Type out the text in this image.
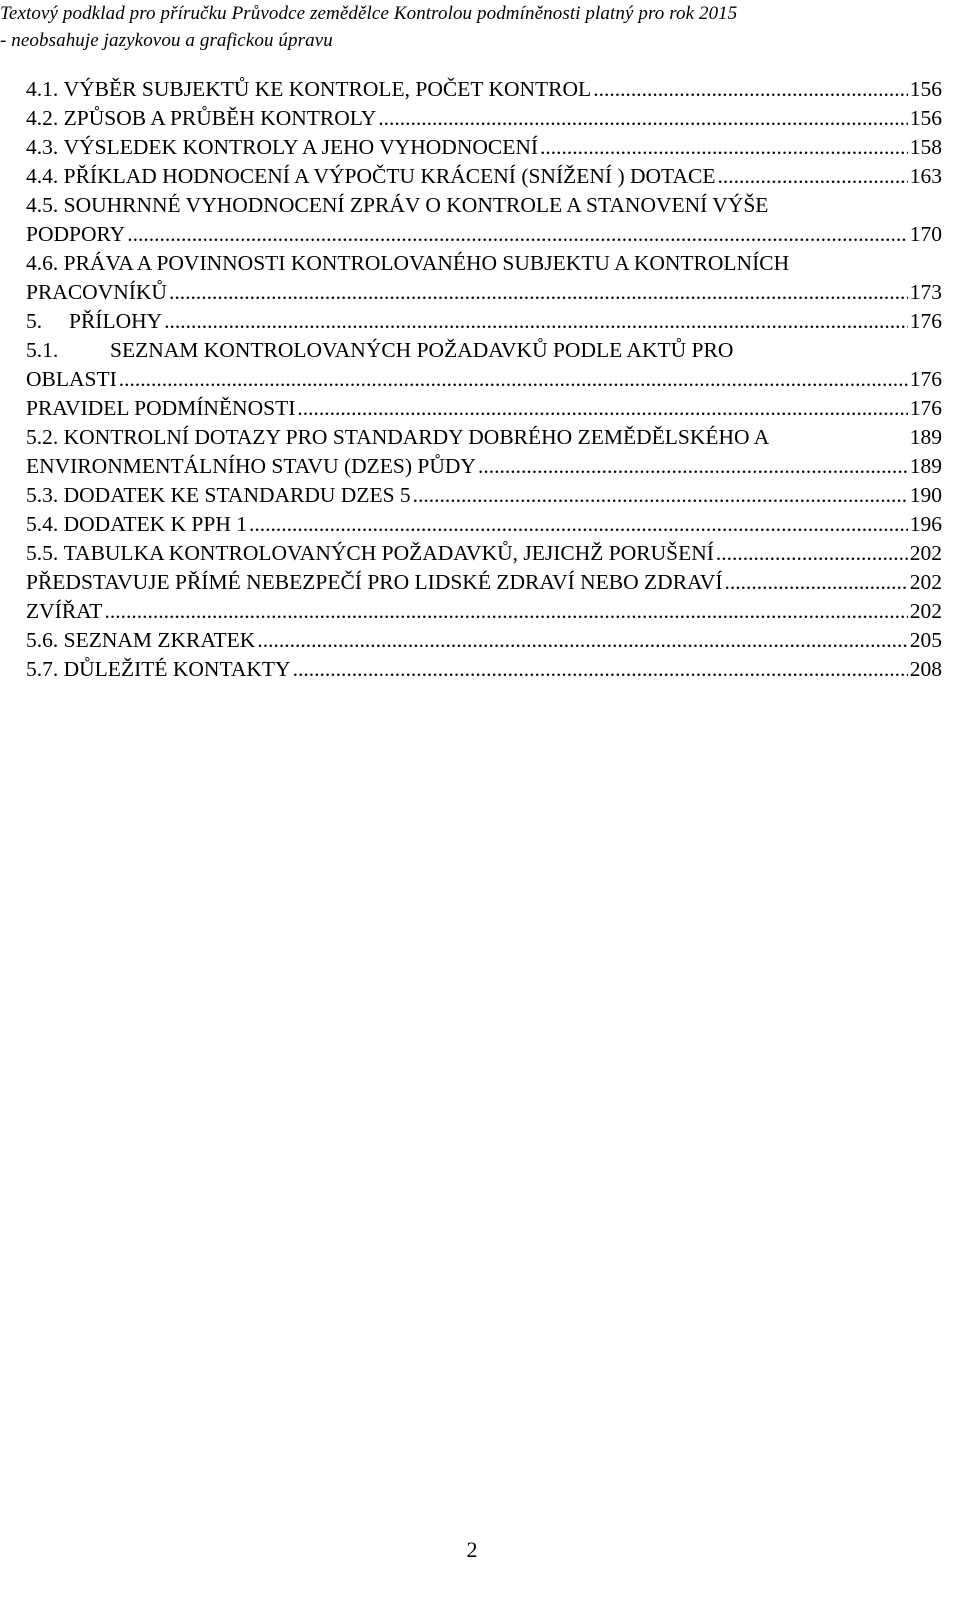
Textový podklad pro příručku Průvodce zemědělce Kontrolou podmíněnosti platný pro rok 2015
- neobsahuje jazykovou a grafickou úpravu
4.1.
VÝBĚR SUBJEKTŮ KE KONTROLE, POČET KONTROL .....	156
4.2.
ZPŮSOB A PRŮBĚH KONTROLY .....	156
4.3.
VÝSLEDEK KONTROLY A JEHO VYHODNOCENÍ .....	158
4.4.
PŘÍKLAD HODNOCENÍ A VÝPOČTU KRÁCENÍ (SNÍŽENÍ ) DOTACE .....	163
4.5.
SOUHRNNÉ VYHODNOCENÍ ZPRÁV O KONTROLE A STANOVENÍ VÝŠE
PODPORY .....	170
4.6.
PRÁVA A POVINNOSTI KONTROLOVANÉHO SUBJEKTU A KONTROLNÍCH
PRACOVNÍKŮ .....	173
5.	PŘÍLOHY .....	176
5.1.	SEZNAM KONTROLOVANÝCH POŽADAVKŮ PODLE AKTŮ PRO
OBLASTI .....	176
PRAVIDEL PODMÍNĚNOSTI .....	176
5.2.
KONTROLNÍ DOTAZY PRO STANDARDY DOBRÉHO ZEMĚDĚLSKÉHO A	189
ENVIRONMENTÁLNÍHO STAVU (DZES) PŮDY .....	189
5.3.
DODATEK KE STANDARDU DZES 5 .....	190
5.4.
DODATEK K PPH 1 .....	196
5.5.
TABULKA KONTROLOVANÝCH POŽADAVKŮ, JEJICHŽ PORUŠENÍ .....	202
PŘEDSTAVUJE PŘÍMÉ NEBEZPEČÍ PRO LIDSKÉ ZDRAVÍ NEBO ZDRAVÍ .....	202
ZVÍŘAT .....	202
5.6.
SEZNAM ZKRATEK .....	205
5.7.
DŮLEŽITÉ KONTAKTY .....	208
2
